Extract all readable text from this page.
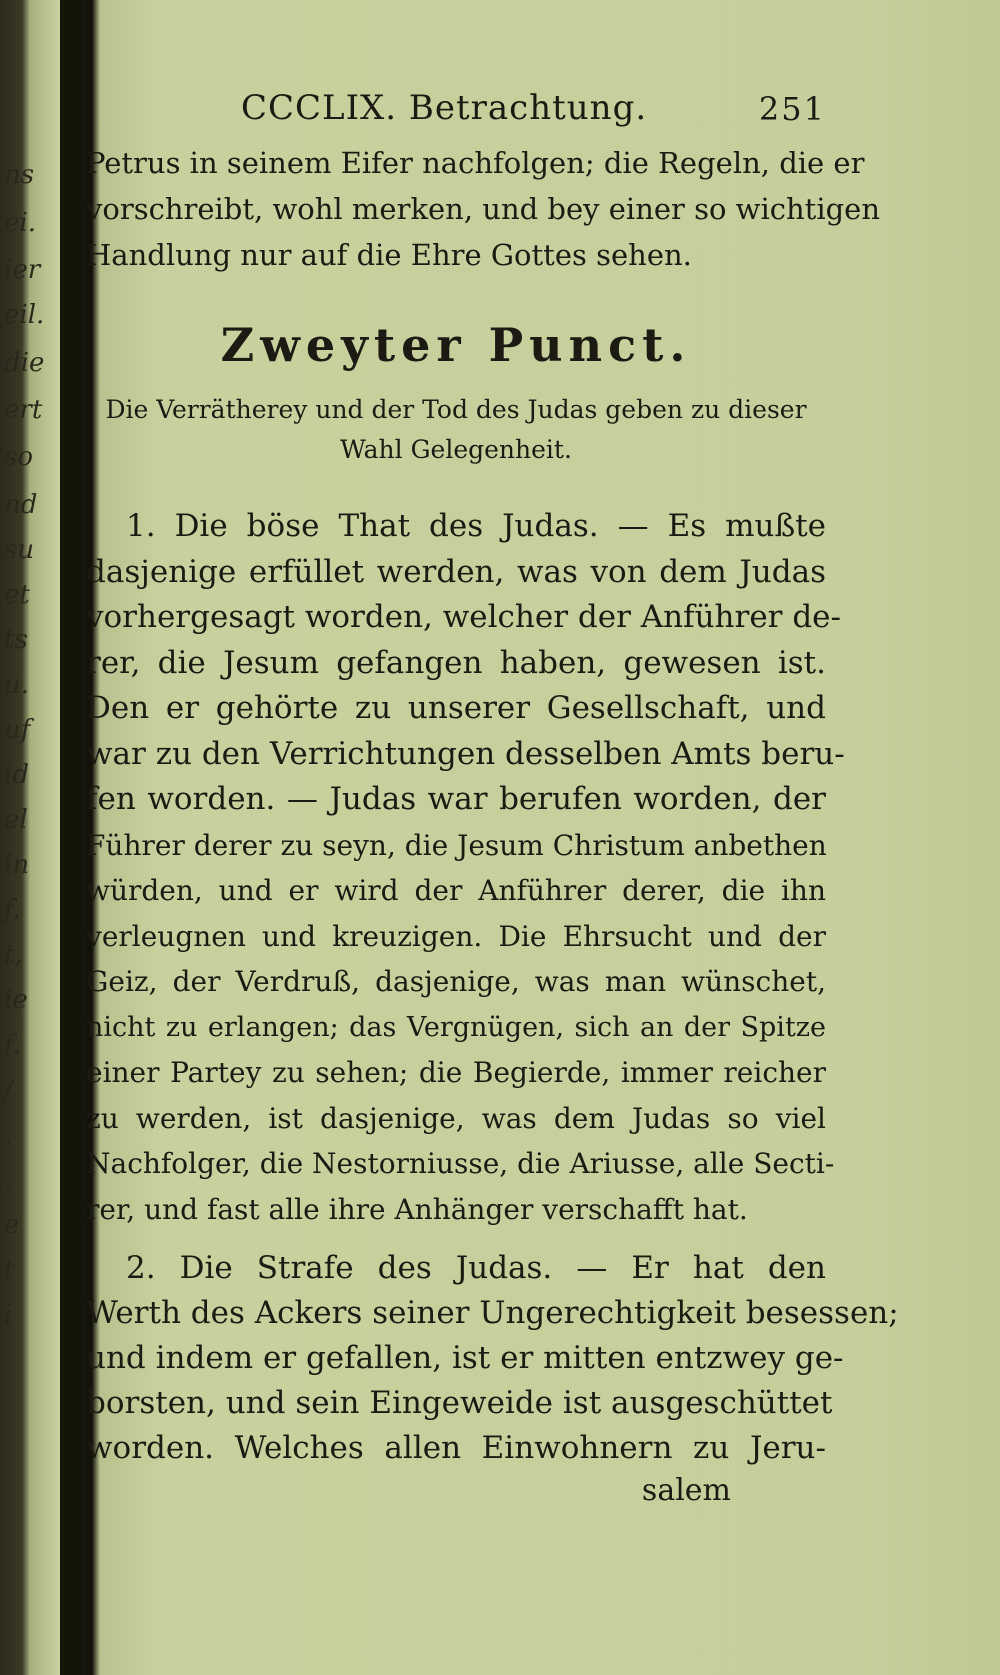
ns
ei.
ier
eil.
die
ert
so
nd
su
et
ts
u.
uf
id
el
in
f.
t,
ie
f.
/
,
.
e
t
i
CCCLIX. Betrachtung.	251
Petrus in seinem Eifer nachfolgen; die Regeln, die er
vorschreibt, wohl merken, und bey einer so wichtigen
Handlung nur auf die Ehre Gottes sehen.
Zweyter Punct.
Die Verrätherey und der Tod des Judas geben zu dieser
Wahl Gelegenheit.
1. Die böse That des Judas. — Es mußte
dasjenige erfüllet werden, was von dem Judas
vorhergesagt worden, welcher der Anführer de-
rer, die Jesum gefangen haben, gewesen ist.
Den er gehörte zu unserer Gesellschaft, und
war zu den Verrichtungen desselben Amts beru-
fen worden. — Judas war berufen worden, der
Führer derer zu seyn, die Jesum Christum anbethen
würden, und er wird der Anführer derer, die ihn
verleugnen und kreuzigen. Die Ehrsucht und der
Geiz, der Verdruß, dasjenige, was man wünschet,
nicht zu erlangen; das Vergnügen, sich an der Spitze
einer Partey zu sehen; die Begierde, immer reicher
zu werden, ist dasjenige, was dem Judas so viel
Nachfolger, die Nestorniusse, die Ariusse, alle Secti-
rer, und fast alle ihre Anhänger verschafft hat.
2. Die Strafe des Judas. — Er hat den
Werth des Ackers seiner Ungerechtigkeit besessen;
und indem er gefallen, ist er mitten entzwey ge-
borsten, und sein Eingeweide ist ausgeschüttet
worden. Welches allen Einwohnern zu Jeru-
salem
